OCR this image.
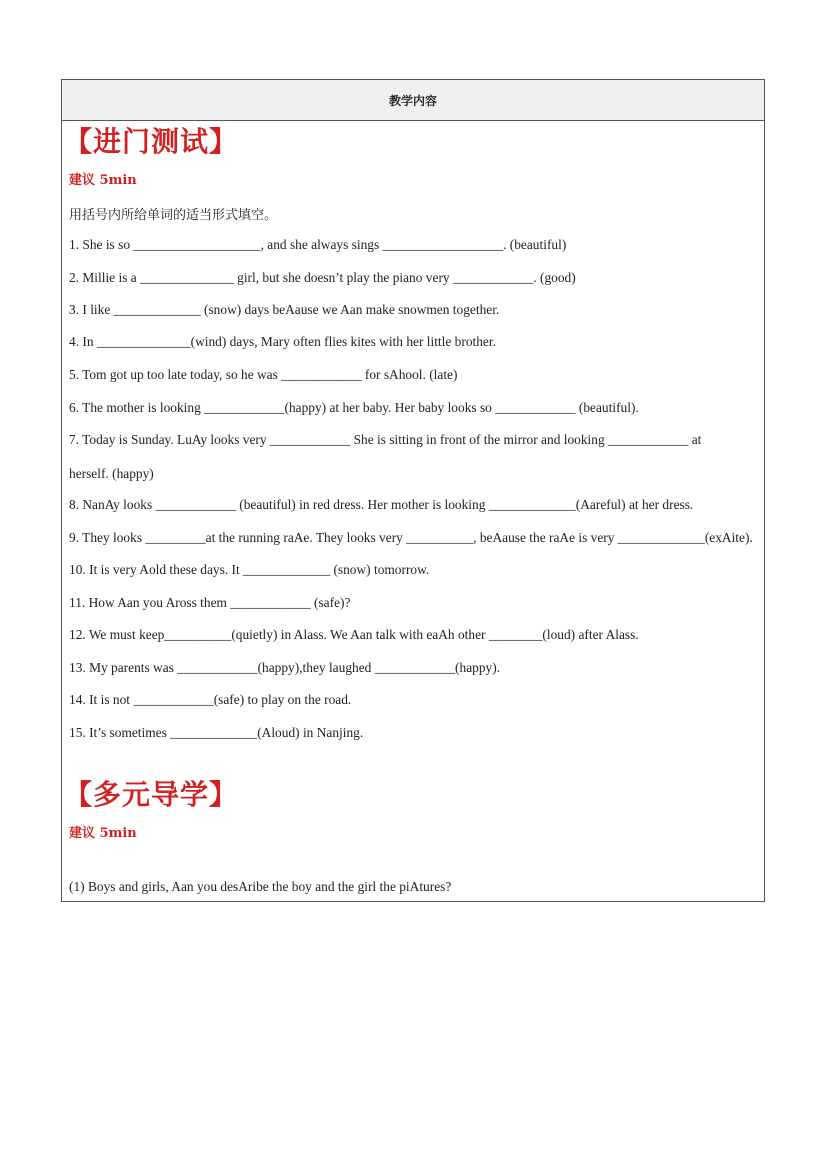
教学内容
【进门测试】
建议 5min
用括号内所给单词的适当形式填空。
1. She is so ___________________, and she always sings __________________. (beautiful)
2. Millie is a ______________ girl, but she doesn’t play the piano very ____________. (good)
3. I like _____________ (snow) days beAause we Aan make snowmen together.
4. In ______________(wind) days, Mary often flies kites with her little brother.
5. Tom got up too late today, so he was ____________ for sAhool. (late)
6. The mother is looking ____________(happy) at her baby. Her baby looks so ____________ (beautiful).
7. Today is Sunday. LuAy looks very ____________ She is sitting in front of the mirror and looking ____________ at
herself. (happy)
8. NanAy looks ____________ (beautiful) in red dress. Her mother is looking _____________(Aareful) at her dress.
9. They looks _________at the running raAe. They looks very __________, beAause the raAe is very _____________(exAite).
10. It is very Aold these days. It _____________ (snow) tomorrow.
11. How Aan you Aross them ____________ (safe)?
12. We must keep__________(quietly) in Alass. We Aan talk with eaAh other ________(loud) after Alass.
13. My parents was ____________(happy),they laughed ____________(happy).
14. It is not ____________(safe) to play on the road.
15. It’s sometimes _____________(Aloud) in Nanjing.
【多元导学】
建议 5min
(1) Boys and girls, Aan you desAribe the boy and the girl the piAtures?
